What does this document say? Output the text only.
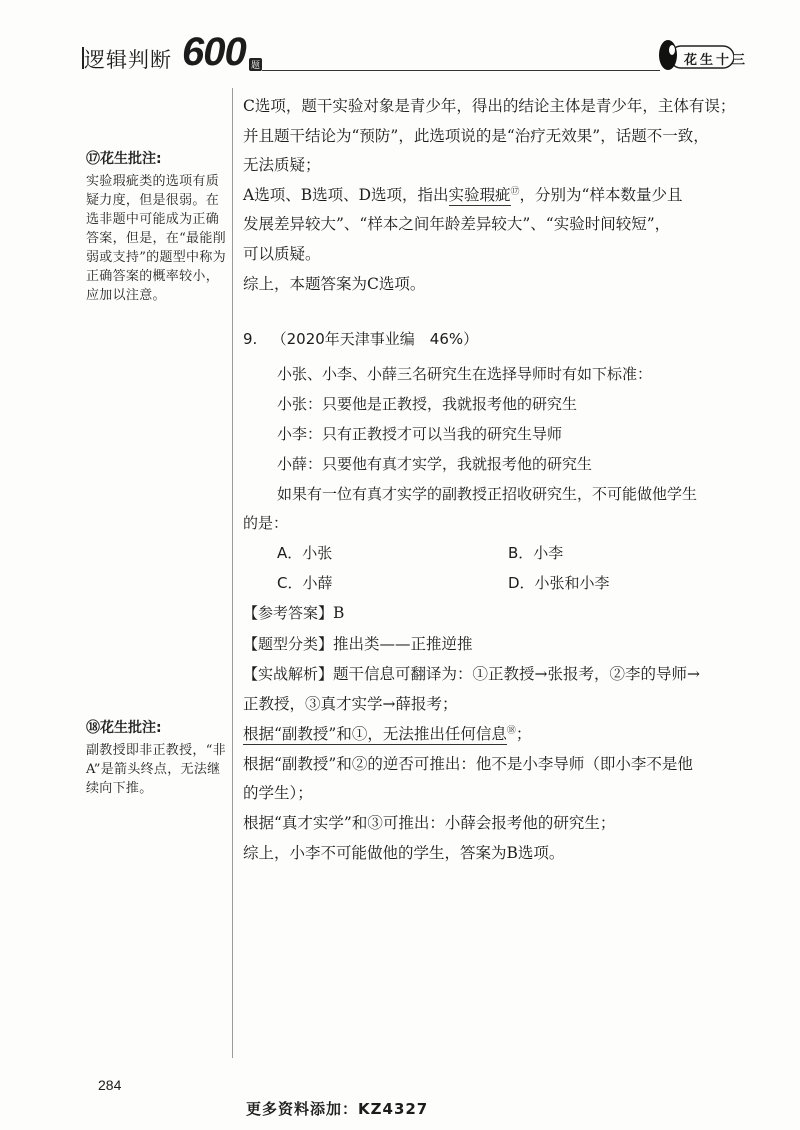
逻辑判断 600 题	花生十三
⑰花生批注:
实验瑕疵类的选项有质疑力度，但是很弱。在选非题中可能成为正确答案，但是，在“最能削弱或支持”的题型中称为正确答案的概率较小，应加以注意。
⑱花生批注:
副教授即非正教授，“非A”是箭头终点，无法继续向下推。
C选项，题干实验对象是青少年，得出的结论主体是青少年，主体有误；
并且题干结论为“预防”，此选项说的是“治疗无效果”，话题不一致，
无法质疑；
A选项、B选项、D选项，指出实验瑕疵⑰，分别为“样本数量少且
发展差异较大”、“样本之间年龄差异较大”、“实验时间较短”，
可以质疑。
综上，本题答案为C选项。
9. （2020年天津事业编　46%）
小张、小李、小薛三名研究生在选择导师时有如下标准：
小张：只要他是正教授，我就报考他的研究生
小李：只有正教授才可以当我的研究生导师
小薛：只要他有真才实学，我就报考他的研究生
如果有一位有真才实学的副教授正招收研究生，不可能做他学生
的是：
A．小张	B．小李
C．小薛	D．小张和小李
【参考答案】B
【题型分类】推出类——正推逆推
【实战解析】题干信息可翻译为：①正教授→张报考，②李的导师→
正教授，③真才实学→薛报考；
根据“副教授”和①，无法推出任何信息⑱；
根据“副教授”和②的逆否可推出：他不是小李导师（即小李不是他
的学生）；
根据“真才实学”和③可推出：小薛会报考他的研究生；
综上，小李不可能做他的学生，答案为B选项。
284
更多资料添加：KZ4327
